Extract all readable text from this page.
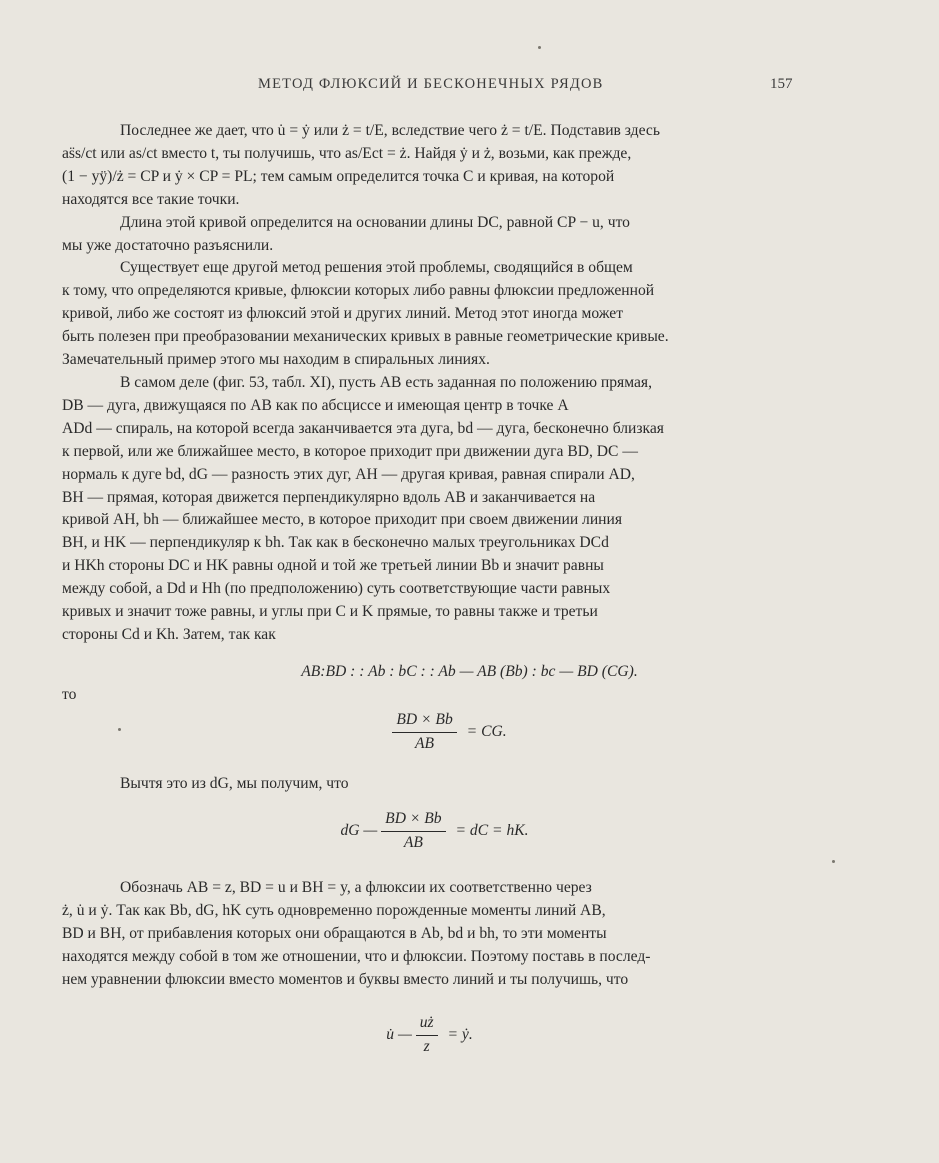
МЕТОД ФЛЮКСИЙ И БЕСКОНЕЧНЫХ РЯДОВ	157
Последнее же дает, что u̇ = ẏ или ż = t/E, вследствие чего ż = t/E. Подставив здесь
as̈s/ct или as/ct вместо t, ты получишь, что as/Ect = ż. Найдя ẏ и ż, возьми, как прежде,
(1 − yÿ)/ż = CP и ẏ × CP = PL; тем самым определится точка C и кривая, на которой
находятся все такие точки.
Длина этой кривой определится на основании длины DC, равной CP − u, что
мы уже достаточно разъяснили.
Существует еще другой метод решения этой проблемы, сводящийся в общем
к тому, что определяются кривые, флюксии которых либо равны флюксии предложенной
кривой, либо же состоят из флюксий этой и других линий. Метод этот иногда может
быть полезен при преобразовании механических кривых в равные геометрические кривые.
Замечательный пример этого мы находим в спиральных линиях.
В самом деле (фиг. 53, табл. XI), пусть AB есть заданная по положению прямая,
DB — дуга, движущаяся по AB как по абсциссе и имеющая центр в точке A
ADd — спираль, на которой всегда заканчивается эта дуга, bd — дуга, бесконечно близкая
к первой, или же ближайшее место, в которое приходит при движении дуга BD, DC —
нормаль к дуге bd, dG — разность этих дуг, AH — другая кривая, равная спирали AD,
BH — прямая, которая движется перпендикулярно вдоль AB и заканчивается на
кривой AH, bh — ближайшее место, в которое приходит при своем движении линия
BH, и HK — перпендикуляр к bh. Так как в бесконечно малых треугольниках DCd
и HKh стороны DC и HK равны одной и той же третьей линии Bb и значит равны
между собой, а Dd и Hh (по предположению) суть соответствующие части равных
кривых и значит тоже равны, и углы при C и K прямые, то равны также и третьи
стороны Cd и Kh. Затем, так как
AB:BD : : Ab : bC : : Ab — AB (Bb) : bc — BD (CG).
то
$\frac{BD \times Bb}{AB}$ = CG.
Вычтя это из dG, мы получим, что
dG — $\frac{BD \times Bb}{AB}$ = dC = hK.
Обозначь AB = z, BD = u и BH = y, а флюксии их соответственно через
ż, u̇ и ẏ. Так как Bb, dG, hK суть одновременно порожденные моменты линий AB,
BD и BH, от прибавления которых они обращаются в Ab, bd и bh, то эти моменты
находятся между собой в том же отношении, что и флюксии. Поэтому поставь в послед-
нем уравнении флюксии вместо моментов и буквы вместо линий и ты получишь, что
u̇ — $\frac{uż}{z}$ = ẏ.
